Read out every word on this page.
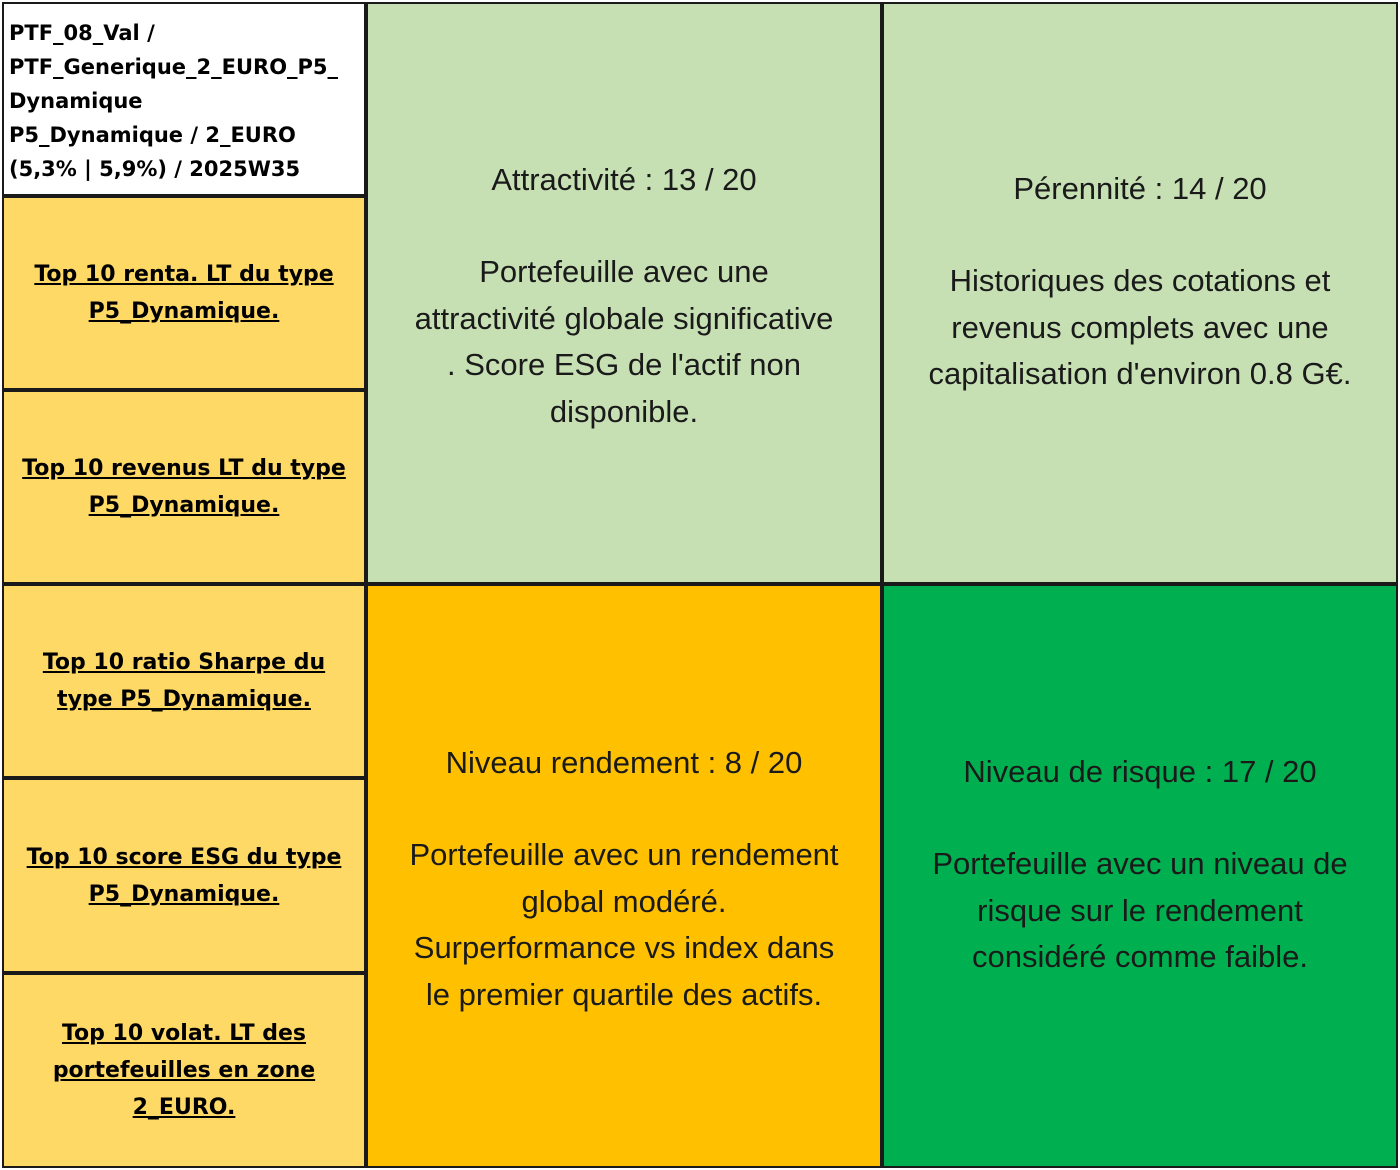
PTF_08_Val /
PTF_Generique_2_EURO_P5_
Dynamique
P5_Dynamique / 2_EURO
(5,3% | 5,9%) / 2025W35
Top 10 renta. LT du type
P5_Dynamique.
Top 10 revenus LT du type
P5_Dynamique.
Top 10 ratio Sharpe du
type P5_Dynamique.
Top 10 score ESG du type
P5_Dynamique.
Top 10 volat. LT des
portefeuilles en zone
2_EURO.
Attractivité : 13 / 20
Portefeuille avec une
attractivité globale significative
. Score ESG de l'actif non
disponible.
Pérennité : 14 / 20
Historiques des cotations et
revenus complets avec une
capitalisation d'environ 0.8 G€.
Niveau rendement : 8 / 20
Portefeuille avec un rendement
global modéré.
Surperformance vs index dans
le premier quartile des actifs.
Niveau de risque : 17 / 20
Portefeuille avec un niveau de
risque sur le rendement
considéré comme faible.
